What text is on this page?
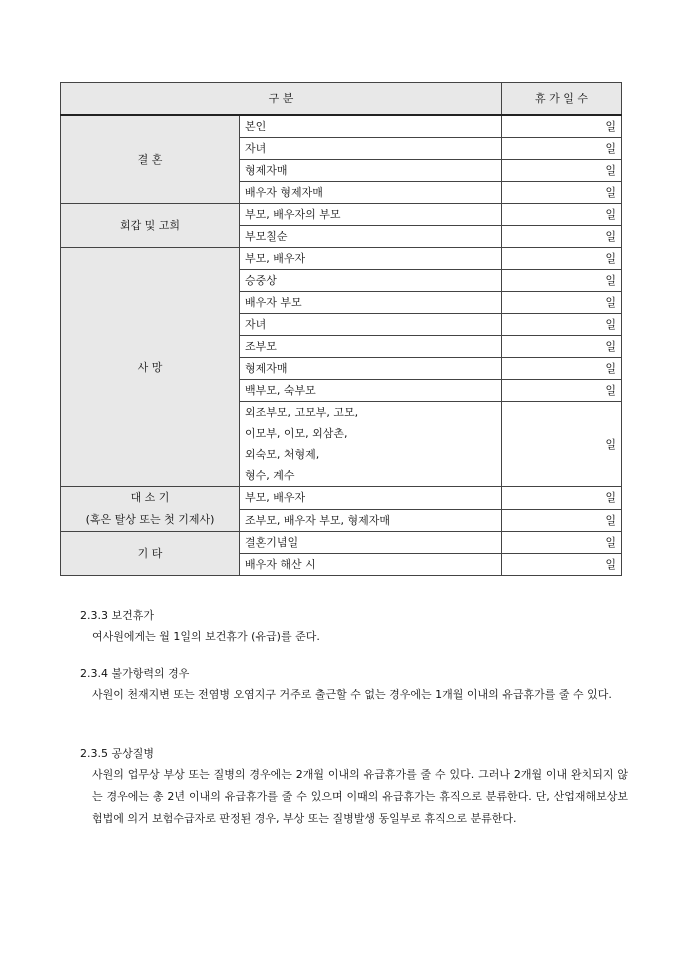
구 분		휴 가 일 수
결 혼	본인	일
	자녀	일
	형제자매	일
	배우자 형제자매	일
회갑 및 고희	부모, 배우자의 부모	일
	부모칠순	일
사 망	부모, 배우자	일
	승중상	일
	배우자 부모	일
	자녀	일
	조부모	일
	형제자매	일
	백부모, 숙부모	일

	외조부모, 고모부, 고모,
이모부, 이모, 외삼촌,
외숙모, 처형제,
형수, 계수	일

대 소 기
(혹은 탈상 또는 첫 기제사)	부모, 배우자	일
	조부모, 배우자 부모, 형제자매	일
기 타	결혼기념일	일
	배우자 해산 시	일

2.3.3 보건휴가

여사원에게는 월 1일의 보건휴가 (유급)를 준다.

2.3.4 불가항력의 경우

사원이 천재지변 또는 전염병 오염지구 거주로 출근할 수 없는 경우에는 1개월 이내의 유급휴가를 줄 수 있다.

2.3.5 공상질병

사원의 업무상 부상 또는 질병의 경우에는 2개월 이내의 유급휴가를 줄 수 있다. 그러나 2개월 이내 완치되지 않는 경우에는 총 2년 이내의 유급휴가를 줄 수 있으며 이때의 유급휴가는 휴직으로 분류한다. 단, 산업재해보상보험법에 의거 보험수급자로 판정된 경우, 부상 또는 질병발생 동일부로 휴직으로 분류한다.
